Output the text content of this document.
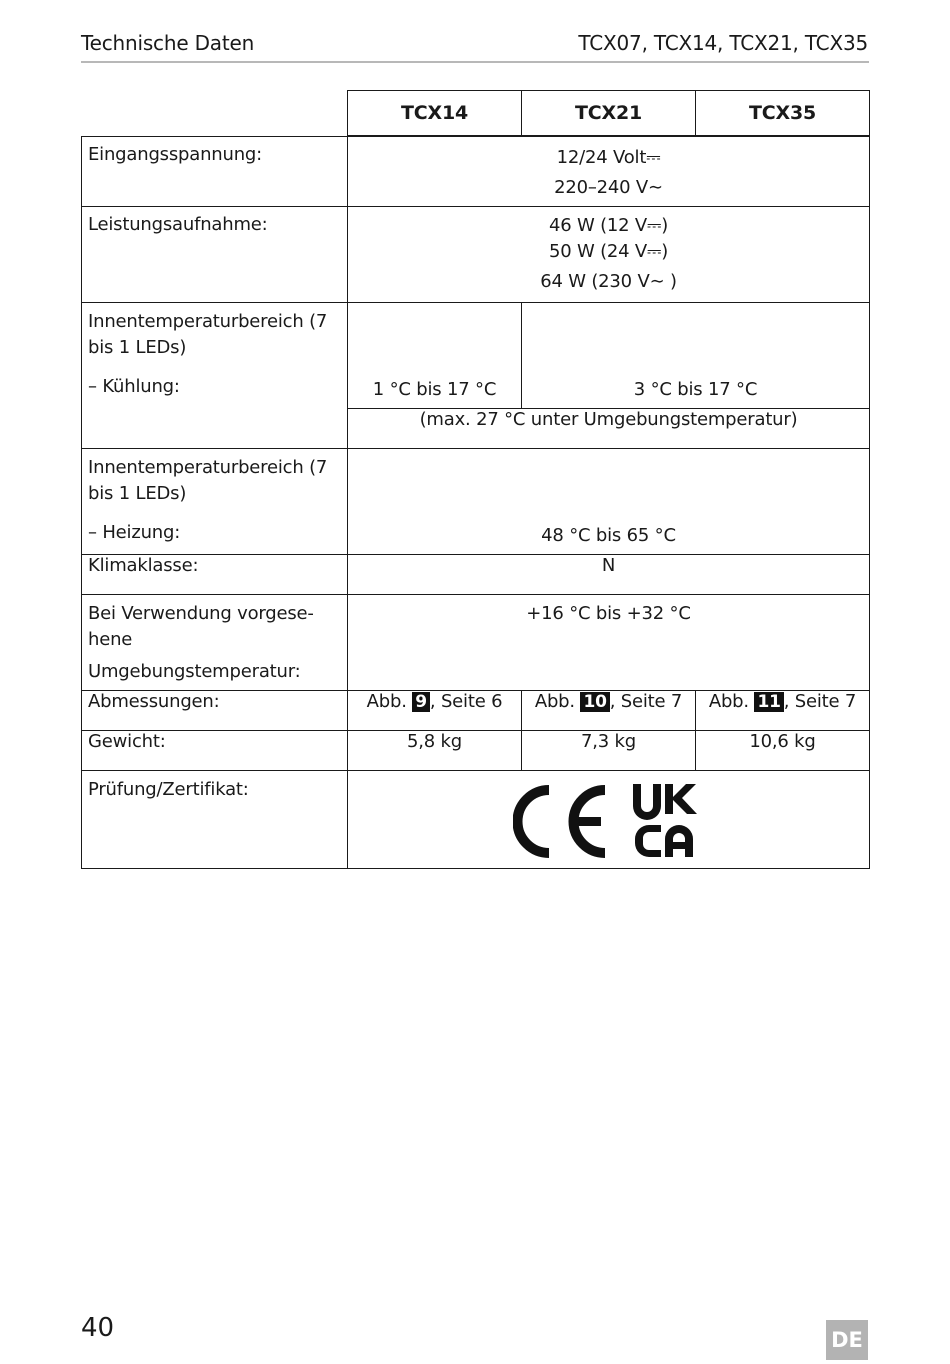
Technische Daten	TCX07, TCX14, TCX21, TCX35
	TCX14	TCX21	TCX35
Eingangsspannung:	12/24 Volt⎓
220–240 V∼		

Leistungsaufnahme:	46 W (12 V⎓)
50 W (24 V⎓)
64 W (230 V∼ )		

Innentemperaturbereich (7
bis 1 LEDs)
– Kühlung:	1 °C bis 17 °C	3 °C bis 17 °C	
	(max. 27 °C unter Umgebungstemperatur)		

Innentemperaturbereich (7
bis 1 LEDs)
– Heizung:	48 °C bis 65 °C		
Klimaklasse:	N		

Bei Verwendung vorgese-
hene
Umgebungstemperatur:	+16 °C bis +32 °C		
Abmessungen:	Abb. 9 , Seite 6	Abb. 10 , Seite 7	Abb. 11 , Seite 7
Gewicht:	5,8 kg	7,3 kg	10,6 kg
Prüfung/Zertifikat:	
40	DE
